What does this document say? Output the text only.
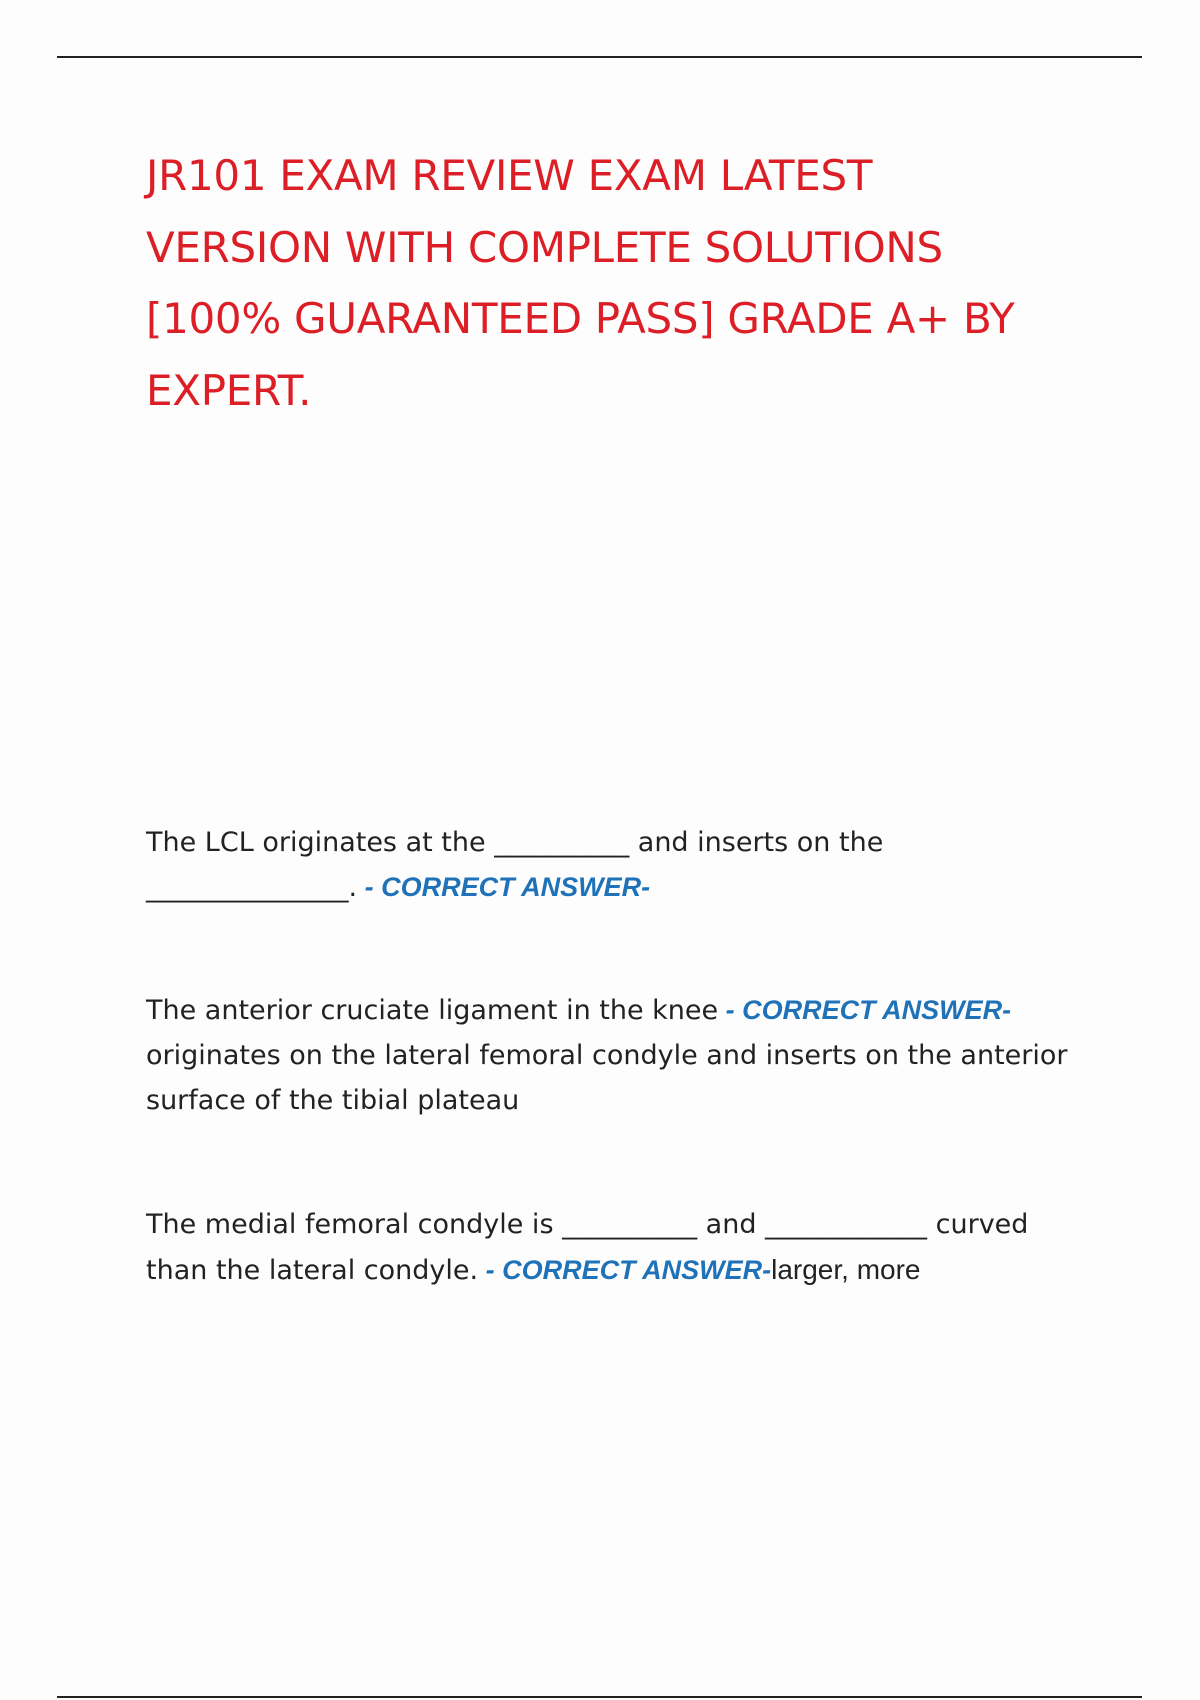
JR101 EXAM REVIEW EXAM LATEST
VERSION WITH COMPLETE SOLUTIONS
[100% GUARANTEED PASS] GRADE A+ BY
EXPERT.

The LCL originates at the __________ and inserts on the
_______________. - CORRECT ANSWER-

The anterior cruciate ligament in the knee - CORRECT ANSWER-
originates on the lateral femoral condyle and inserts on the anterior
surface of the tibial plateau

The medial femoral condyle is __________ and ____________ curved
than the lateral condyle. - CORRECT ANSWER-larger, more
